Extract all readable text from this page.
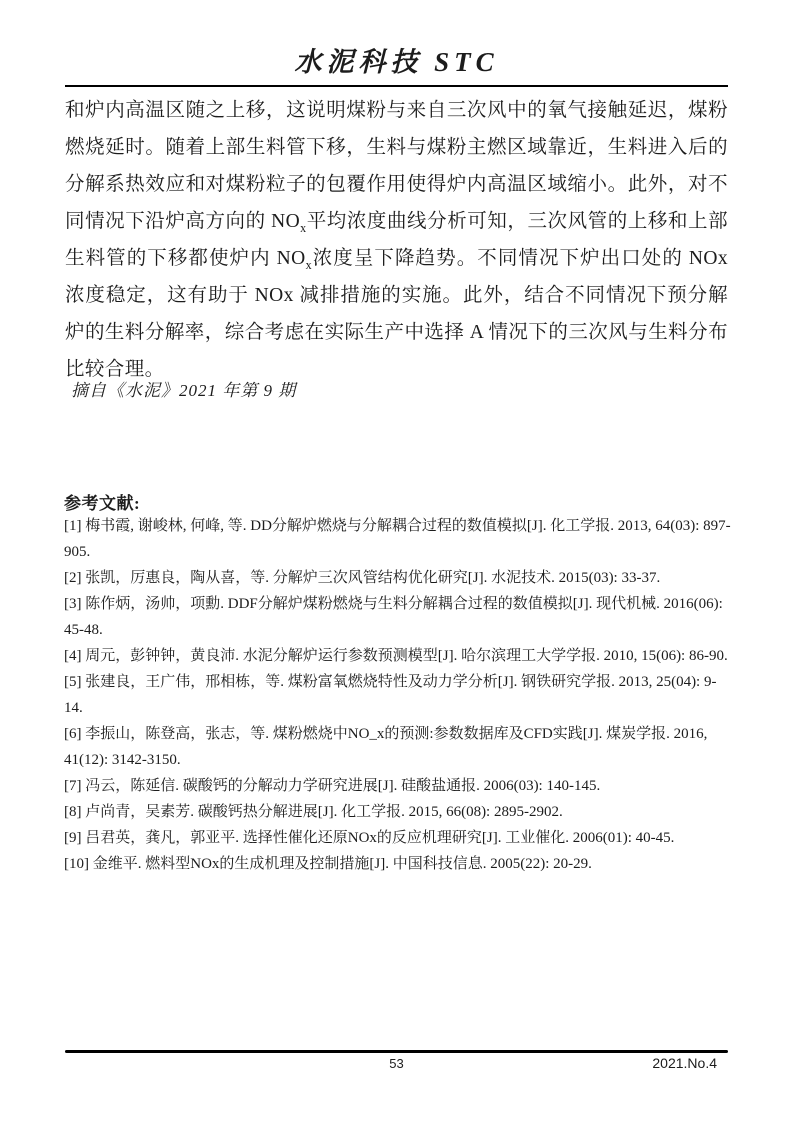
水泥科技 STC
和炉内高温区随之上移，这说明煤粉与来自三次风中的氧气接触延迟，煤粉燃烧延时。随着上部生料管下移，生料与煤粉主燃区域靠近，生料进入后的分解系热效应和对煤粉粒子的包覆作用使得炉内高温区域缩小。此外，对不同情况下沿炉高方向的 $NO_x$平均浓度曲线分析可知，三次风管的上移和上部生料管的下移都使炉内 $NO_x$浓度呈下降趋势。不同情况下炉出口处的 NOx 浓度稳定，这有助于 NOx 减排措施的实施。此外，结合不同情况下预分解炉的生料分解率，综合考虑在实际生产中选择 A 情况下的三次风与生料分布比较合理。
摘自《水泥》2021 年第 9 期
参考文献:
[1] 梅书霞, 谢峻林, 何峰, 等. DD分解炉燃烧与分解耦合过程的数值模拟[J]. 化工学报. 2013, 64(03): 897-905.
[2] 张凯，厉惠良，陶从喜，等. 分解炉三次风管结构优化研究[J]. 水泥技术. 2015(03): 33-37.
[3] 陈作炳，汤帅，项勳. DDF分解炉煤粉燃烧与生料分解耦合过程的数值模拟[J]. 现代机械. 2016(06): 45-48.
[4] 周元，彭钟钟，黄良沛. 水泥分解炉运行参数预测模型[J]. 哈尔滨理工大学学报. 2010, 15(06): 86-90.
[5] 张建良，王广伟，邢相栋，等. 煤粉富氧燃烧特性及动力学分析[J]. 钢铁研究学报. 2013, 25(04): 9-14.
[6] 李振山，陈登高，张志，等. 煤粉燃烧中NO_x的预测:参数数据库及CFD实践[J]. 煤炭学报. 2016, 41(12): 3142-3150.
[7] 冯云，陈延信. 碳酸钙的分解动力学研究进展[J]. 硅酸盐通报. 2006(03): 140-145.
[8] 卢尚青，吴素芳. 碳酸钙热分解进展[J]. 化工学报. 2015, 66(08): 2895-2902.
[9] 吕君英，龚凡，郭亚平. 选择性催化还原NOx的反应机理研究[J]. 工业催化. 2006(01): 40-45.
[10] 金维平. 燃料型NOx的生成机理及控制措施[J]. 中国科技信息. 2005(22): 20-29.
53	2021.No.4
